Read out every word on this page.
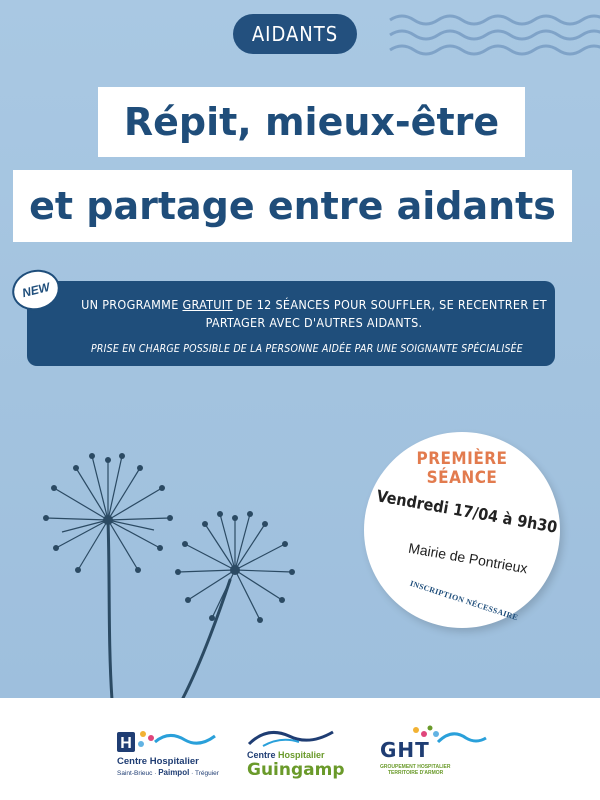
AIDANTS
Répit, mieux-être
et partage entre aidants
UN PROGRAMME GRATUIT DE 12 SÉANCES POUR SOUFFLER, SE RECENTRER ET PARTAGER AVEC D'AUTRES AIDANTS.
PRISE EN CHARGE POSSIBLE DE LA PERSONNE AIDÉE PAR UNE SOIGNANTE SPÉCIALISÉE
NEW
PREMIÈRE
SÉANCE
Vendredi 17/04 à 9h30
Mairie de Pontrieux
INSCRIPTION NÉCESSAIRE
H
Centre Hospitalier
Saint-Brieuc · Paimpol · Tréguier
Centre Hospitalier
Guingamp
GHT
GROUPEMENT HOSPITALIER
TERRITOIRE D'ARMOR
